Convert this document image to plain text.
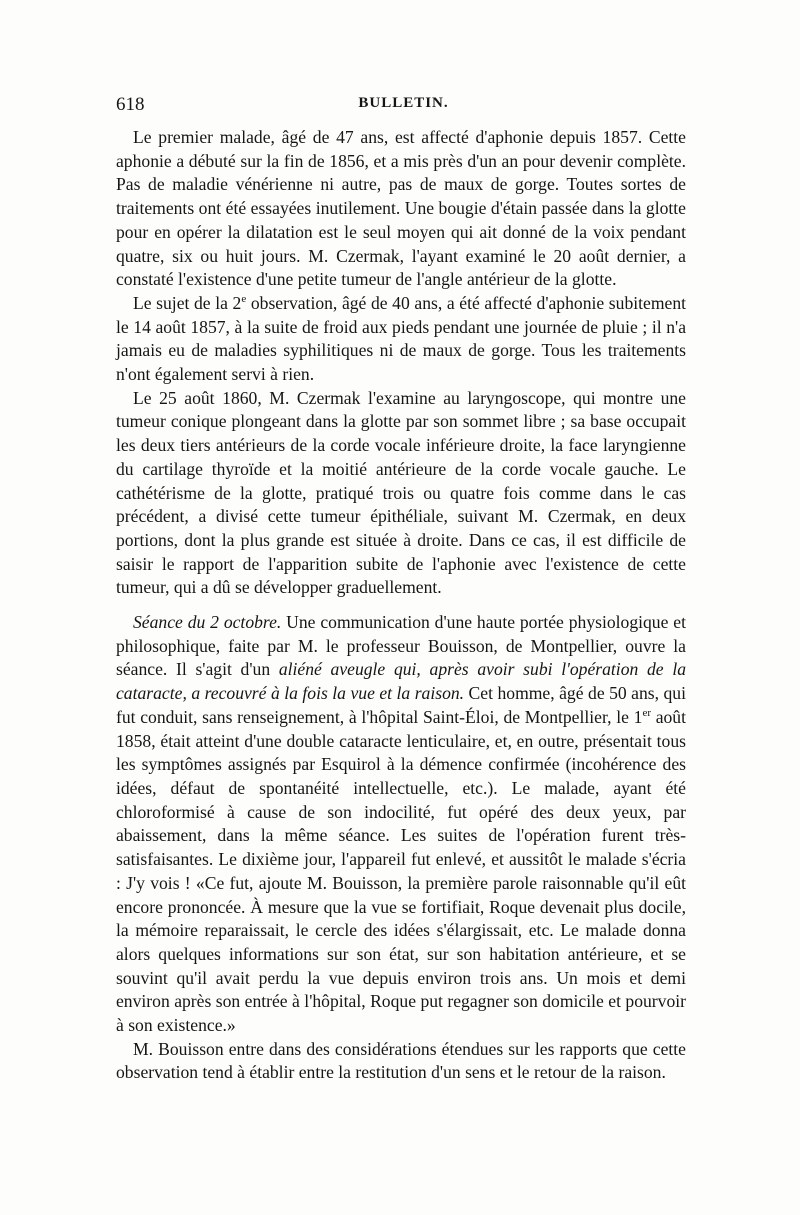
618	BULLETIN.

Le premier malade, âgé de 47 ans, est affecté d'aphonie depuis 1857. Cette aphonie a débuté sur la fin de 1856, et a mis près d'un an pour devenir complète. Pas de maladie vénérienne ni autre, pas de maux de gorge. Toutes sortes de traitements ont été essayées inutilement. Une bougie d'étain passée dans la glotte pour en opérer la dilatation est le seul moyen qui ait donné de la voix pendant quatre, six ou huit jours. M. Czermak, l'ayant examiné le 20 août dernier, a constaté l'existence d'une petite tumeur de l'angle antérieur de la glotte.

Le sujet de la 2e observation, âgé de 40 ans, a été affecté d'aphonie subitement le 14 août 1857, à la suite de froid aux pieds pendant une journée de pluie ; il n'a jamais eu de maladies syphilitiques ni de maux de gorge. Tous les traitements n'ont également servi à rien.

Le 25 août 1860, M. Czermak l'examine au laryngoscope, qui montre une tumeur conique plongeant dans la glotte par son sommet libre ; sa base occupait les deux tiers antérieurs de la corde vocale inférieure droite, la face laryngienne du cartilage thyroïde et la moitié antérieure de la corde vocale gauche. Le cathétérisme de la glotte, pratiqué trois ou quatre fois comme dans le cas précédent, a divisé cette tumeur épithéliale, suivant M. Czermak, en deux portions, dont la plus grande est située à droite. Dans ce cas, il est difficile de saisir le rapport de l'apparition subite de l'aphonie avec l'existence de cette tumeur, qui a dû se développer graduellement.

Séance du 2 octobre. Une communication d'une haute portée physiologique et philosophique, faite par M. le professeur Bouisson, de Montpellier, ouvre la séance. Il s'agit d'un aliéné aveugle qui, après avoir subi l'opération de la cataracte, a recouvré à la fois la vue et la raison. Cet homme, âgé de 50 ans, qui fut conduit, sans renseignement, à l'hôpital Saint-Éloi, de Montpellier, le 1er août 1858, était atteint d'une double cataracte lenticulaire, et, en outre, présentait tous les symptômes assignés par Esquirol à la démence confirmée (incohérence des idées, défaut de spontanéité intellectuelle, etc.). Le malade, ayant été chloroformisé à cause de son indocilité, fut opéré des deux yeux, par abaissement, dans la même séance. Les suites de l'opération furent très-satisfaisantes. Le dixième jour, l'appareil fut enlevé, et aussitôt le malade s'écria : J'y vois ! «Ce fut, ajoute M. Bouisson, la première parole raisonnable qu'il eût encore prononcée. À mesure que la vue se fortifiait, Roque devenait plus docile, la mémoire reparaissait, le cercle des idées s'élargissait, etc. Le malade donna alors quelques informations sur son état, sur son habitation antérieure, et se souvint qu'il avait perdu la vue depuis environ trois ans. Un mois et demi environ après son entrée à l'hôpital, Roque put regagner son domicile et pourvoir à son existence.»

M. Bouisson entre dans des considérations étendues sur les rapports que cette observation tend à établir entre la restitution d'un sens et le retour de la raison.
